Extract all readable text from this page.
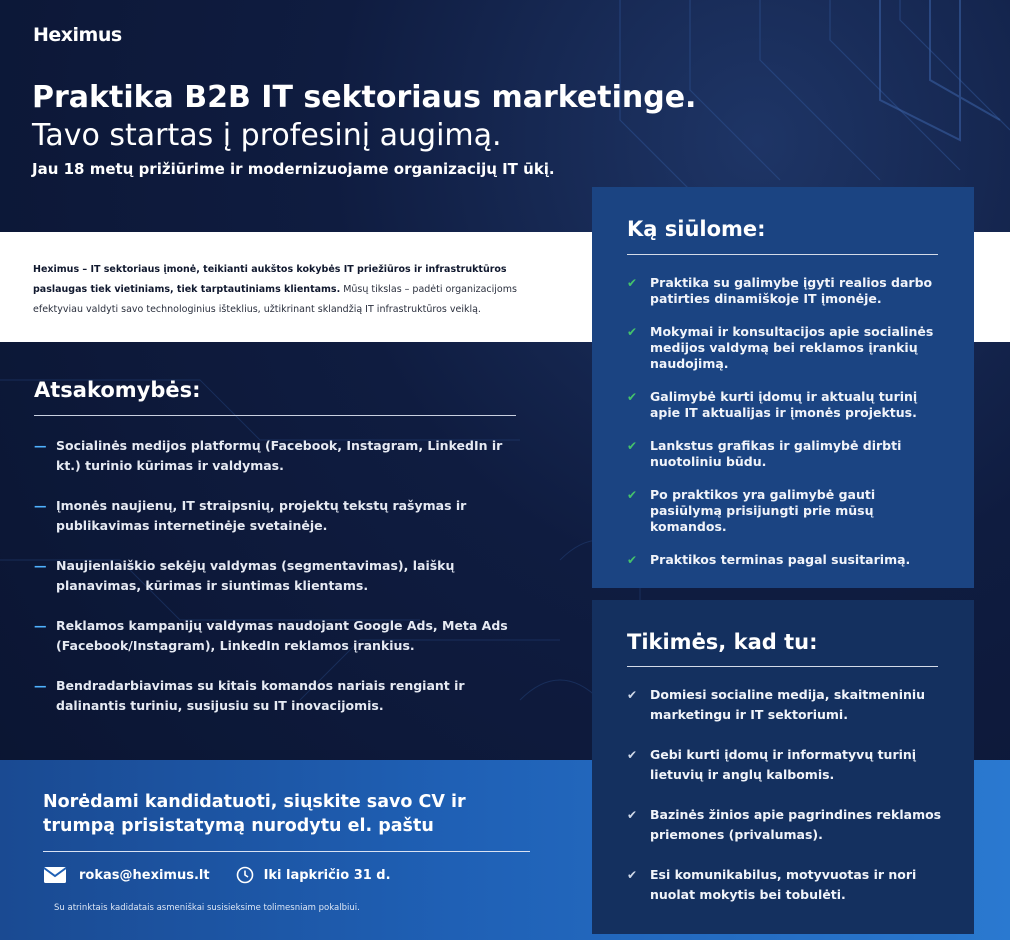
Heximus
Praktika B2B IT sektoriaus marketinge.
Tavo startas į profesinį augimą.
Jau 18 metų prižiūrime ir modernizuojame organizacijų IT ūkį.

Heximus – IT sektoriaus įmonė, teikianti aukštos kokybės IT priežiūros ir infrastruktūros paslaugas tiek vietiniams, tiek tarptautiniams klientams. Mūsų tikslas – padėti organizacijoms efektyviau valdyti savo technologinius išteklius, užtikrinant sklandžią IT infrastruktūros veiklą.

Atsakomybės:
— Socialinės medijos platformų (Facebook, Instagram, LinkedIn ir kt.) turinio kūrimas ir valdymas.
— Įmonės naujienų, IT straipsnių, projektų tekstų rašymas ir publikavimas internetinėje svetainėje.
— Naujienlaiškio sekėjų valdymas (segmentavimas), laiškų planavimas, kūrimas ir siuntimas klientams.
— Reklamos kampanijų valdymas naudojant Google Ads, Meta Ads (Facebook/Instagram), LinkedIn reklamos įrankius.
— Bendradarbiavimas su kitais komandos nariais rengiant ir dalinantis turiniu, susijusiu su IT inovacijomis.
Norėdami kandidatuoti, siųskite savo CV ir trumpą prisistatymą nurodytu el. paštu
rokas@heximus.lt	Iki lapkričio 31 d.
Su atrinktais kadidatais asmeniškai susisieksime tolimesniam pokalbiui.
Ką siūlome:
✔ Praktika su galimybe įgyti realios darbo patirties dinamiškoje IT įmonėje.
✔ Mokymai ir konsultacijos apie socialinės medijos valdymą bei reklamos įrankių naudojimą.
✔ Galimybė kurti įdomų ir aktualų turinį apie IT aktualijas ir įmonės projektus.
✔ Lankstus grafikas ir galimybė dirbti nuotoliniu būdu.
✔ Po praktikos yra galimybė gauti pasiūlymą prisijungti prie mūsų komandos.
✔ Praktikos terminas pagal susitarimą.
Tikimės, kad tu:
✔ Domiesi socialine medija, skaitmeniniu marketingu ir IT sektoriumi.
✔ Gebi kurti įdomų ir informatyvų turinį lietuvių ir anglų kalbomis.
✔ Bazinės žinios apie pagrindines reklamos priemones (privalumas).
✔ Esi komunikabilus, motyvuotas ir nori nuolat mokytis bei tobulėti.
